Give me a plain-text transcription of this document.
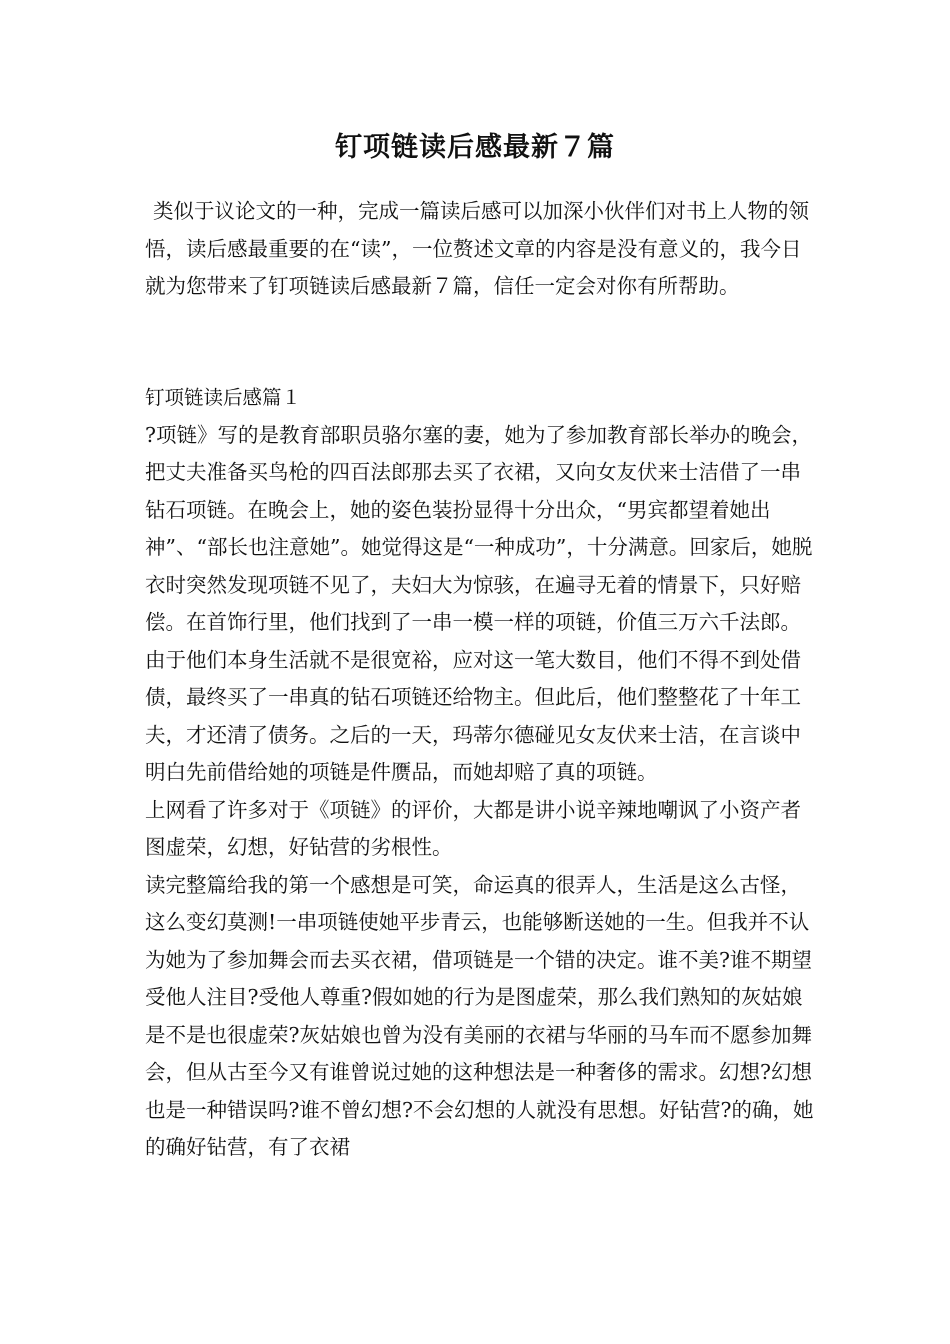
钉项链读后感最新７篇

类似于议论文的一种，完成一篇读后感可以加深小伙伴们对书上人物的领悟，读后感最重要的在“读”，一位赘述文章的内容是没有意义的，我今日就为您带来了钉项链读后感最新７篇，信任一定会对你有所帮助。

钉项链读后感篇１

?项链》写的是教育部职员骆尔塞的妻，她为了参加教育部长举办的晚会，把丈夫准备买鸟枪的四百法郎那去买了衣裙，又向女友伏来士洁借了一串钻石项链。在晚会上，她的姿色装扮显得十分出众，“男宾都望着她出神”、“部长也注意她”。她觉得这是“一种成功”，十分满意。回家后，她脱衣时突然发现项链不见了，夫妇大为惊骇，在遍寻无着的情景下，只好赔偿。在首饰行里，他们找到了一串一模一样的项链，价值三万六千法郎。由于他们本身生活就不是很宽裕，应对这一笔大数目，他们不得不到处借债，最终买了一串真的钻石项链还给物主。但此后，他们整整花了十年工夫，才还清了债务。之后的一天，玛蒂尔德碰见女友伏来士洁，在言谈中明白先前借给她的项链是件赝品，而她却赔了真的项链。

上网看了许多对于《项链》的评价，大都是讲小说辛辣地嘲讽了小资产者图虚荣，幻想，好钻营的劣根性。

读完整篇给我的第一个感想是可笑，命运真的很弄人，生活是这么古怪，这么变幻莫测!一串项链使她平步青云，也能够断送她的一生。但我并不认为她为了参加舞会而去买衣裙，借项链是一个错的决定。谁不美?谁不期望受他人注目?受他人尊重?假如她的行为是图虚荣，那么我们熟知的灰姑娘是不是也很虚荣?灰姑娘也曾为没有美丽的衣裙与华丽的马车而不愿参加舞会，但从古至今又有谁曾说过她的这种想法是一种奢侈的需求。幻想?幻想也是一种错误吗?谁不曾幻想?不会幻想的人就没有思想。好钻营?的确，她的确好钻营，有了衣裙
